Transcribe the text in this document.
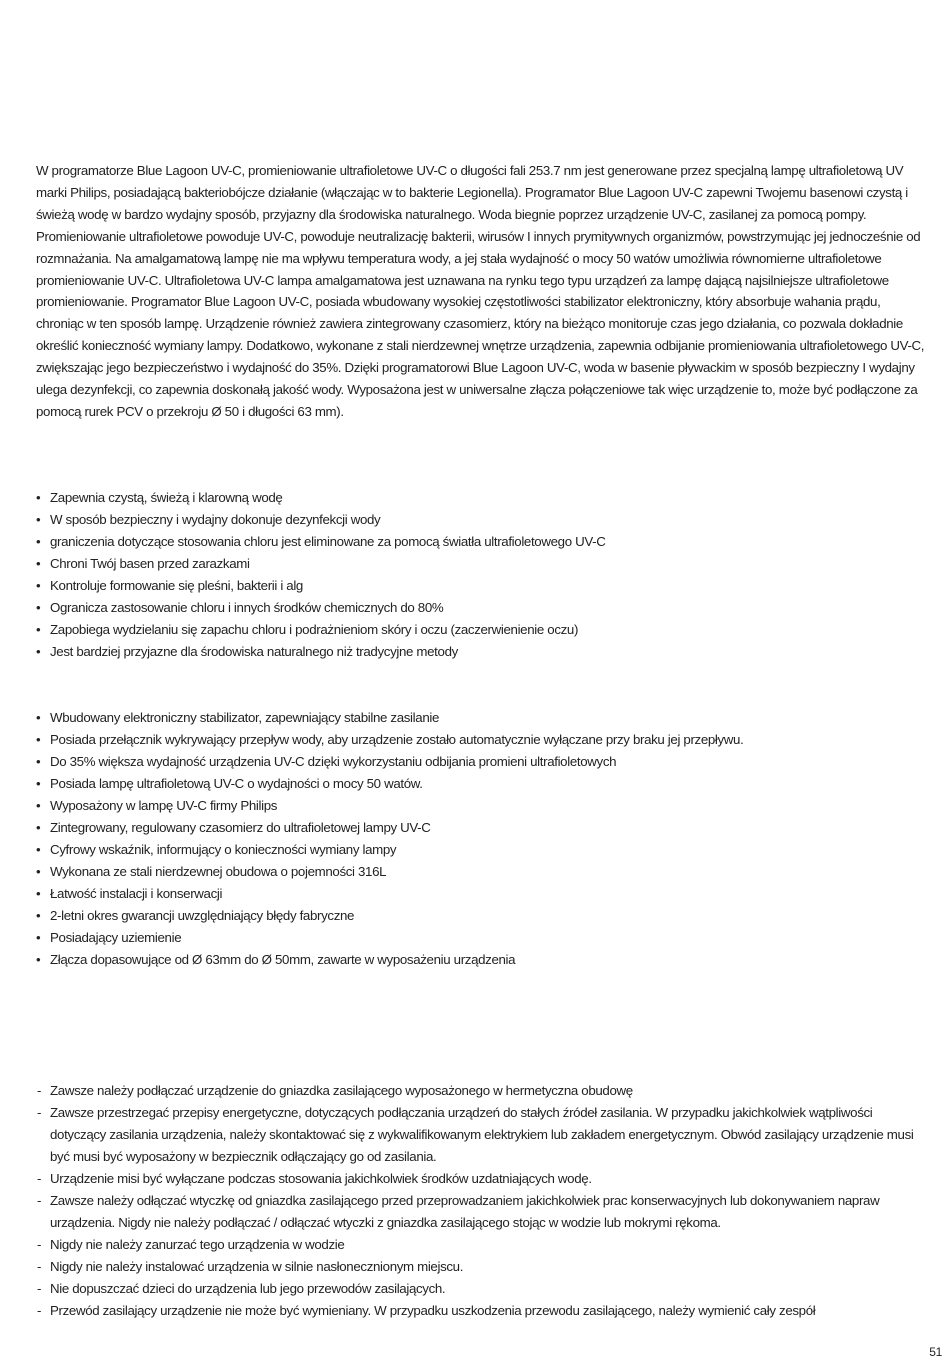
W programatorze Blue Lagoon UV-C, promieniowanie ultrafioletowe UV-C o długości fali 253.7 nm jest generowane przez specjalną lampę ultrafioletową UV marki Philips, posiadającą bakteriobójcze działanie (włączając w to bakterie Legionella). Programator Blue Lagoon UV-C zapewni Twojemu basenowi czystą i świeżą wodę w bardzo wydajny sposób, przyjazny dla środowiska naturalnego. Woda biegnie poprzez urządzenie UV-C, zasilanej za pomocą pompy. Promieniowanie ultrafioletowe powoduje UV-C, powoduje neutralizację bakterii, wirusów I innych prymitywnych organizmów, powstrzymując jej jednocześnie od rozmnażania. Na amalgamatową lampę nie ma wpływu temperatura wody, a jej stała wydajność o mocy 50 watów umożliwia równomierne ultrafioletowe promieniowanie UV-C. Ultrafioletowa UV-C lampa amalgamatowa jest uznawana na rynku tego typu urządzeń za lampę dającą najsilniejsze ultrafioletowe promieniowanie. Programator Blue Lagoon UV-C, posiada wbudowany wysokiej częstotliwości stabilizator elektroniczny, który absorbuje wahania prądu, chroniąc w ten sposób lampę. Urządzenie również zawiera zintegrowany czasomierz, który na bieżąco monitoruje czas jego działania, co pozwala dokładnie określić konieczność wymiany lampy. Dodatkowo, wykonane z stali nierdzewnej wnętrze urządzenia, zapewnia odbijanie promieniowania ultrafioletowego UV-C, zwiększając jego bezpieczeństwo i wydajność do 35%. Dzięki programatorowi Blue Lagoon UV-C, woda w basenie pływackim w sposób bezpieczny I wydajny ulega dezynfekcji, co zapewnia doskonałą jakość wody. Wyposażona jest w uniwersalne złącza połączeniowe tak więc urządzenie to, może być podłączone za pomocą rurek PCV o przekroju Ø 50 i długości 63 mm).

• Zapewnia czystą, świeżą i klarowną wodę
• W sposób bezpieczny i wydajny dokonuje dezynfekcji wody
• graniczenia dotyczące stosowania chloru jest eliminowane za pomocą światła ultrafioletowego UV-C
• Chroni Twój basen przed zarazkami
• Kontroluje formowanie się pleśni, bakterii i alg
• Ogranicza zastosowanie chloru i innych środków chemicznych do 80%
• Zapobiega wydzielaniu się zapachu chloru i podrażnieniom skóry i oczu (zaczerwienienie oczu)
• Jest bardziej przyjazne dla środowiska naturalnego niż tradycyjne metody
• Wbudowany elektroniczny stabilizator, zapewniający stabilne zasilanie
• Posiada przełącznik wykrywający przepływ wody, aby urządzenie zostało automatycznie wyłączane przy braku jej przepływu.
• Do 35% większa wydajność urządzenia UV-C dzięki wykorzystaniu odbijania promieni ultrafioletowych
• Posiada lampę ultrafioletową UV-C o wydajności o mocy 50 watów.
• Wyposażony w lampę UV-C firmy Philips
• Zintegrowany, regulowany czasomierz do ultrafioletowej lampy UV-C
• Cyfrowy wskaźnik, informujący o konieczności wymiany lampy
• Wykonana ze stali nierdzewnej obudowa o pojemności 316L
• Łatwość instalacji i konserwacji
• 2-letni okres gwarancji uwzględniający błędy fabryczne
• Posiadający uziemienie
• Złącza dopasowujące od Ø 63mm do Ø 50mm, zawarte w wyposażeniu urządzenia
- Zawsze należy podłączać urządzenie do gniazdka zasilającego wyposażonego w hermetyczna obudowę
- Zawsze przestrzegać przepisy energetyczne, dotyczących podłączania urządzeń do stałych źródeł zasilania. W przypadku jakichkolwiek wątpliwości dotyczący zasilania urządzenia, należy skontaktować się z wykwalifikowanym elektrykiem lub zakładem energetycznym. Obwód zasilający urządzenie musi być musi być wyposażony w bezpiecznik odłączający go od zasilania.
- Urządzenie misi być wyłączane podczas stosowania jakichkolwiek środków uzdatniających wodę.
- Zawsze należy odłączać wtyczkę od gniazdka zasilającego przed przeprowadzaniem jakichkolwiek prac konserwacyjnych lub dokonywaniem napraw urządzenia. Nigdy nie należy podłączać / odłączać wtyczki z gniazdka zasilającego stojąc w wodzie lub mokrymi rękoma.
- Nigdy nie należy zanurzać tego urządzenia w wodzie
- Nigdy nie należy instalować urządzenia w silnie nasłonecznionym miejscu.
- Nie dopuszczać dzieci do urządzenia lub jego przewodów zasilających.
- Przewód zasilający urządzenie nie może być wymieniany. W przypadku uszkodzenia przewodu zasilającego, należy wymienić cały zespół
51
